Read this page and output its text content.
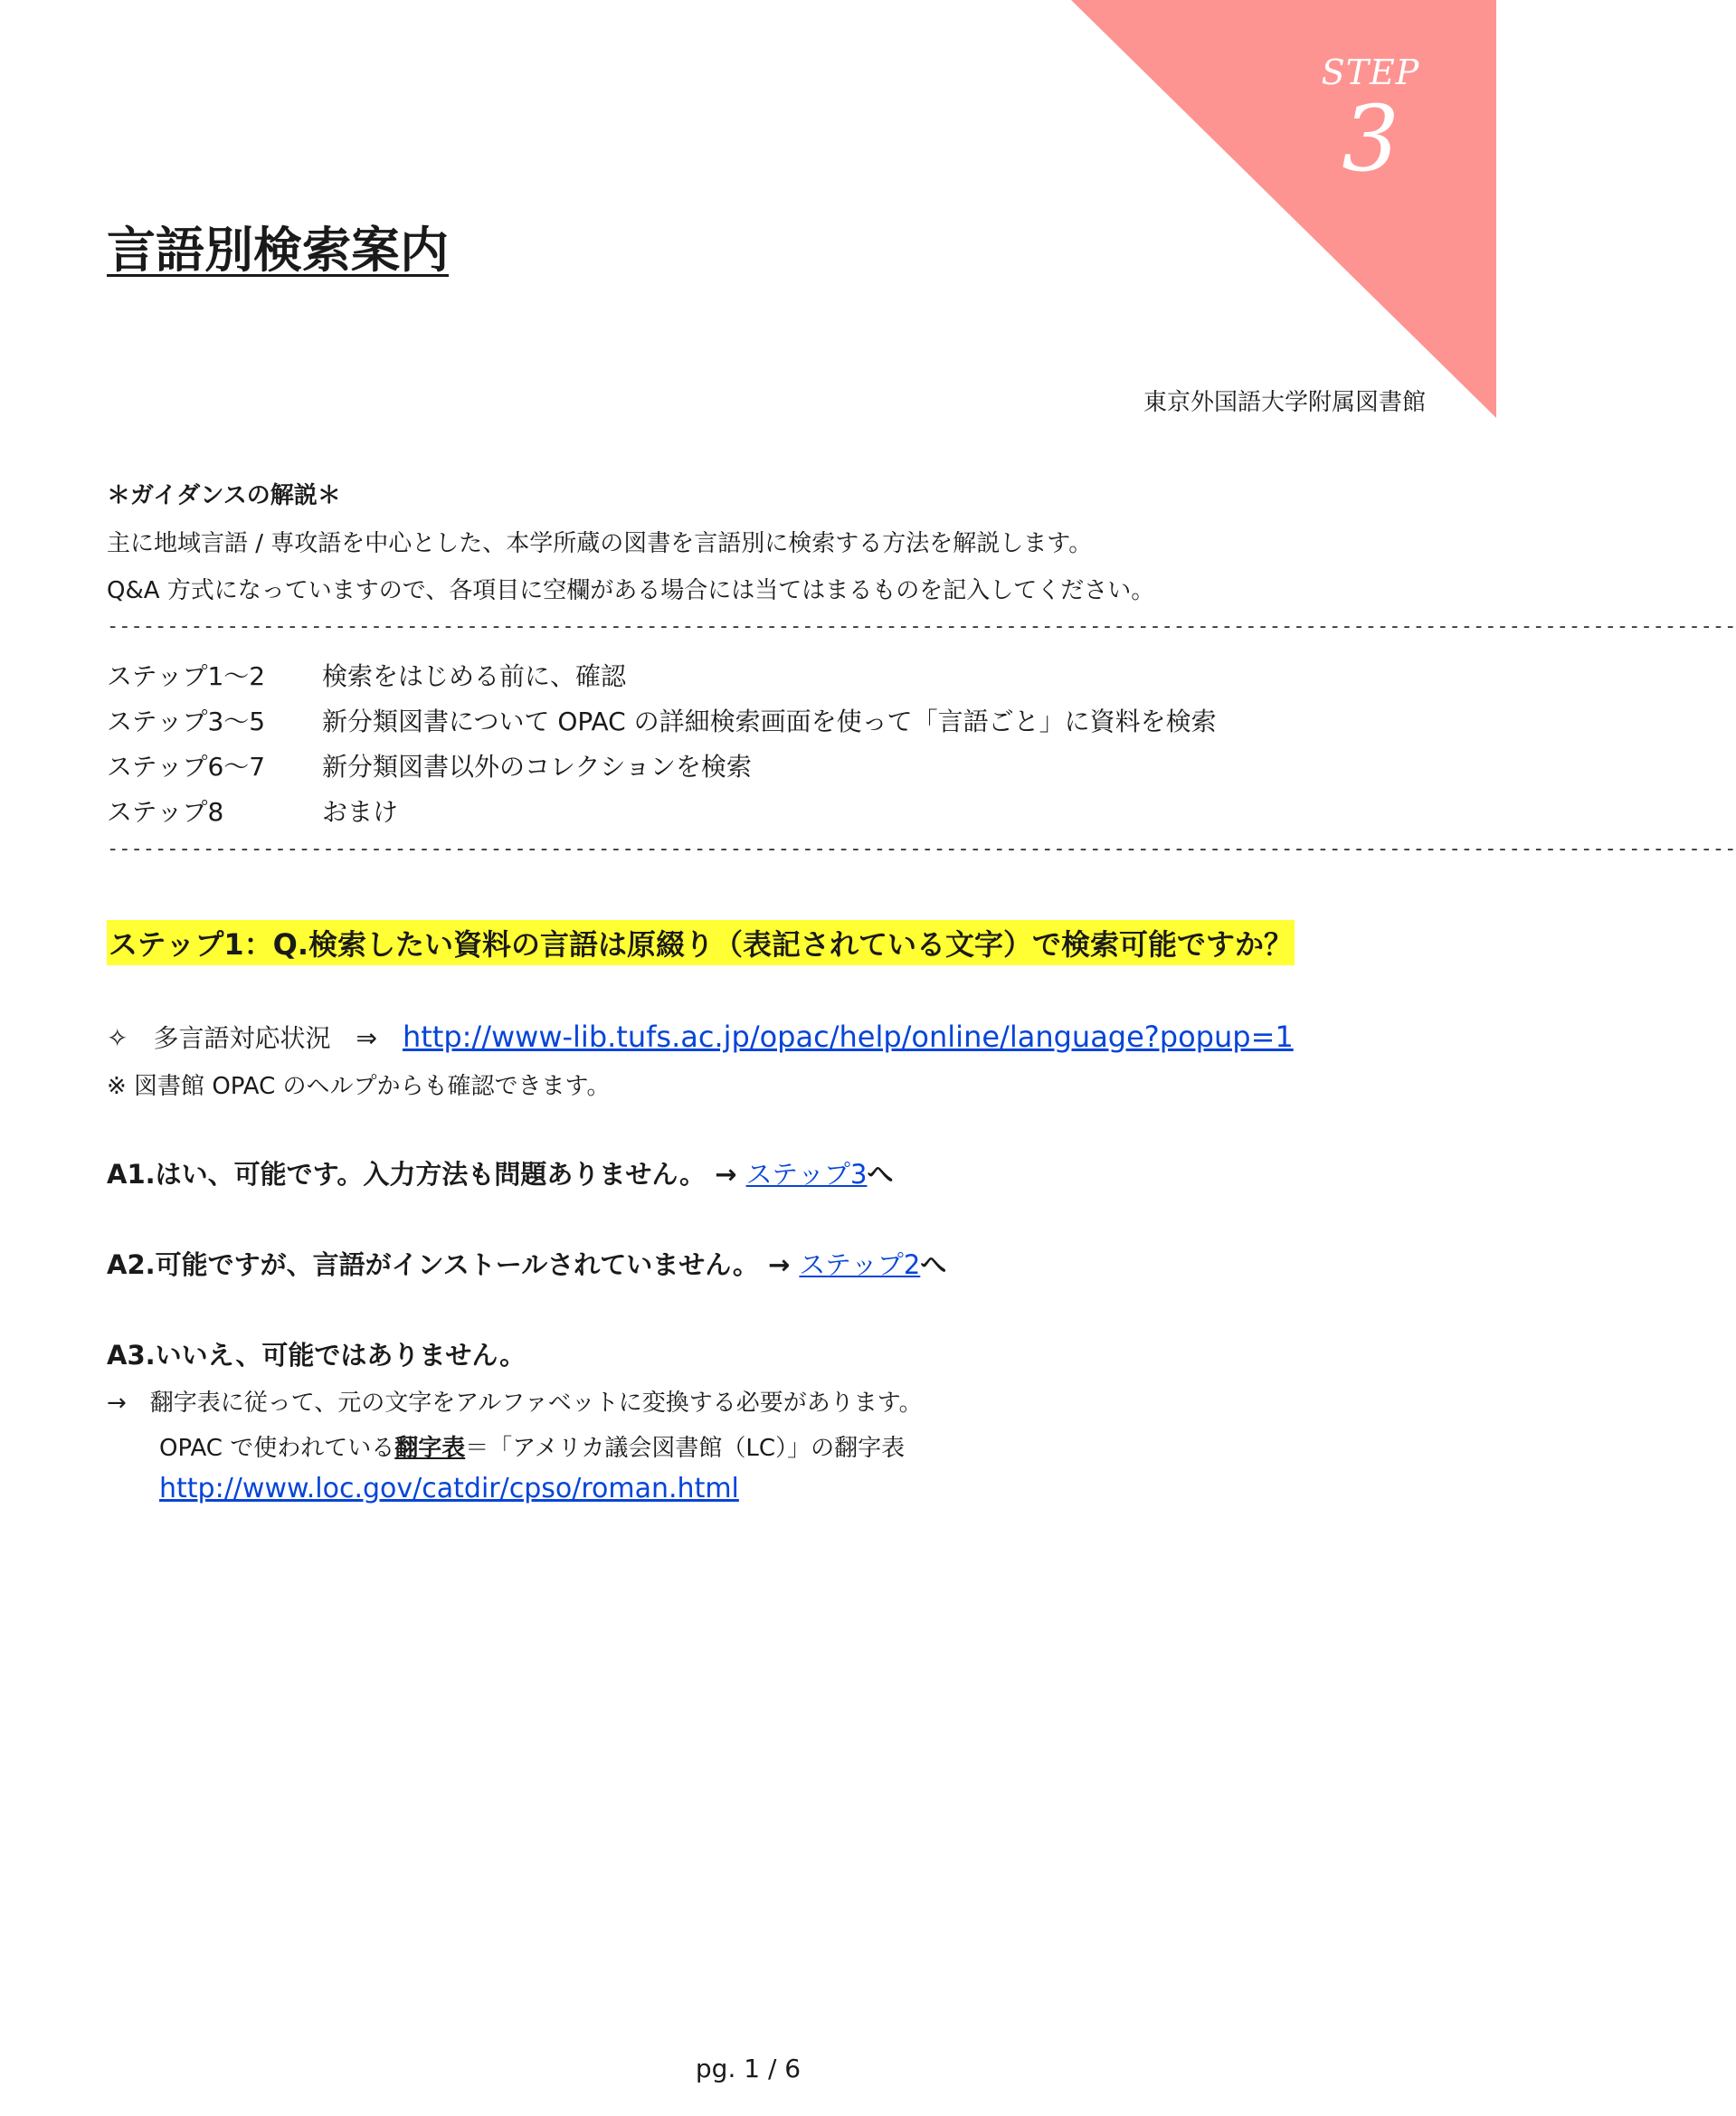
STEP
3
言語別検索案内
東京外国語大学附属図書館
＊ガイダンスの解説＊
主に地域言語 / 専攻語を中心とした、本学所蔵の図書を言語別に検索する方法を解説します。
Q&A 方式になっていますので、各項目に空欄がある場合には当てはまるものを記入してください。
----------------------------------------------------------------------------------------------------------------------------------------
ステップ1～2 検索をはじめる前に、確認
ステップ3～5 新分類図書について OPAC の詳細検索画面を使って「言語ごと」に資料を検索
ステップ6～7 新分類図書以外のコレクションを検索
ステップ8	おまけ
----------------------------------------------------------------------------------------------------------------------------------------
ステップ1：Q.検索したい資料の言語は原綴り（表記されている文字）で検索可能ですか？
✧　多言語対応状況　⇒　http://www-lib.tufs.ac.jp/opac/help/online/language?popup=1
※ 図書館 OPAC のヘルプからも確認できます。
A1.はい、可能です。入力方法も問題ありません。 → ステップ3へ
A2.可能ですが、言語がインストールされていません。 → ステップ2へ
A3.いいえ、可能ではありません。
→　翻字表に従って、元の文字をアルファベットに変換する必要があります。
OPAC で使われている翻字表＝「アメリカ議会図書館（LC）」の翻字表
http://www.loc.gov/catdir/cpso/roman.html
pg. 1 / 6
